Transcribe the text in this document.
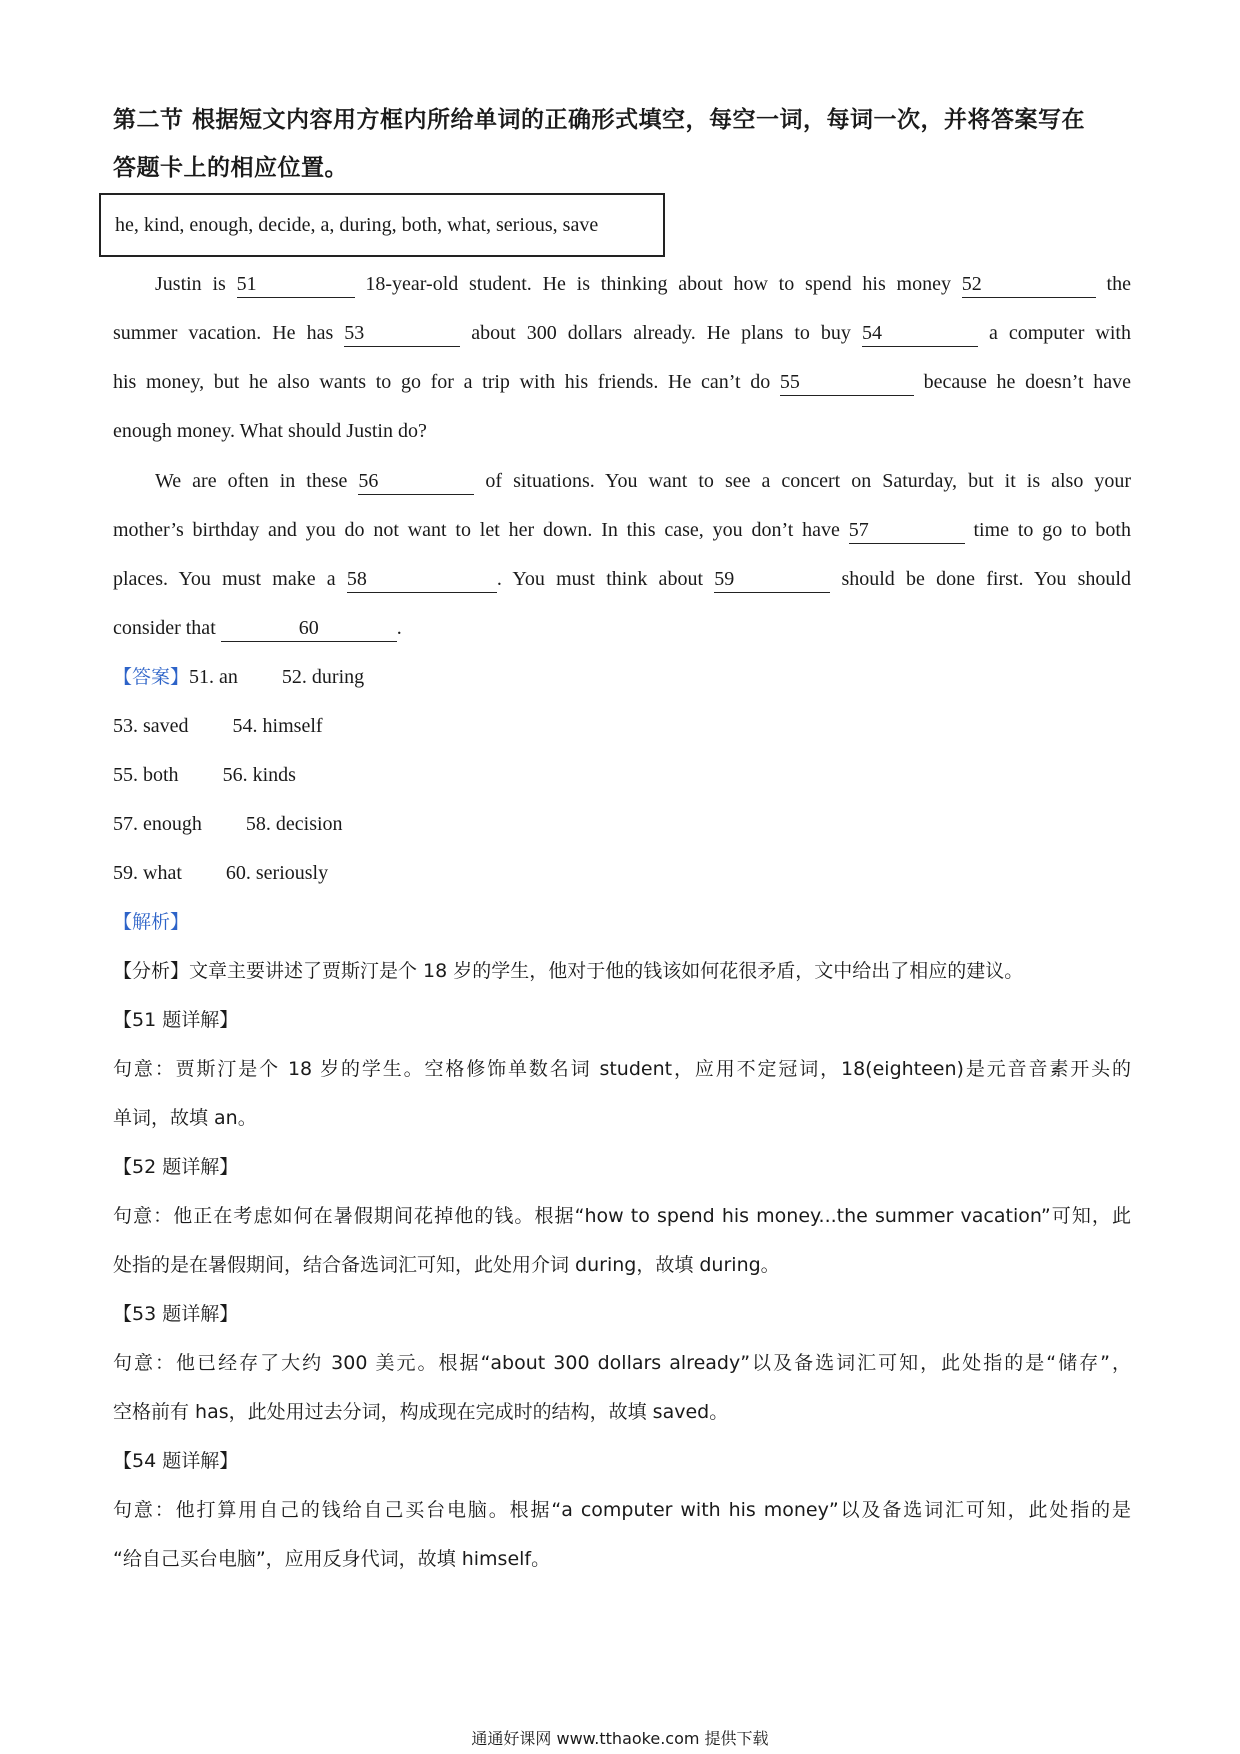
第二节 根据短文内容用方框内所给单词的正确形式填空，每空一词，每词一次，并将答案写在
答题卡上的相应位置。
he, kind, enough, decide, a, during, both, what, serious, save
Justin is 51	18-year-old student. He is thinking about how to spend his money 52	the
summer vacation. He has 53	about 300 dollars already. He plans to buy 54	a computer with
his money, but he also wants to go for a trip with his friends. He can’t do 55	because he doesn’t have
enough money. What should Justin do?
We are often in these 56	of situations. You want to see a concert on Saturday, but it is also your
mother’s birthday and you do not want to let her down. In this case, you don’t have 57	time to go to both
places. You must make a 58	. You must think about 59	should be done first. You should
consider that	60	.
【答案】51. an 52. during
53. saved 54. himself
55. both 56. kinds
57. enough 58. decision
59. what 60. seriously
【解析】
【分析】文章主要讲述了贾斯汀是个 18 岁的学生，他对于他的钱该如何花很矛盾，文中给出了相应的建议。
【51 题详解】
句意：贾斯汀是个 18 岁的学生。空格修饰单数名词 student，应用不定冠词，18(eighteen)是元音音素开头的
单词，故填 an。
【52 题详解】
句意：他正在考虑如何在暑假期间花掉他的钱。根据“how to spend his money...the summer vacation”可知，此
处指的是在暑假期间，结合备选词汇可知，此处用介词 during，故填 during。
【53 题详解】
句意：他已经存了大约 300 美元。根据“about 300 dollars already”以及备选词汇可知，此处指的是“储存”，
空格前有 has，此处用过去分词，构成现在完成时的结构，故填 saved。
【54 题详解】
句意：他打算用自己的钱给自己买台电脑。根据“a computer with his money”以及备选词汇可知，此处指的是
“给自己买台电脑”，应用反身代词，故填 himself。
通通好课网 www.tthaoke.com 提供下载
